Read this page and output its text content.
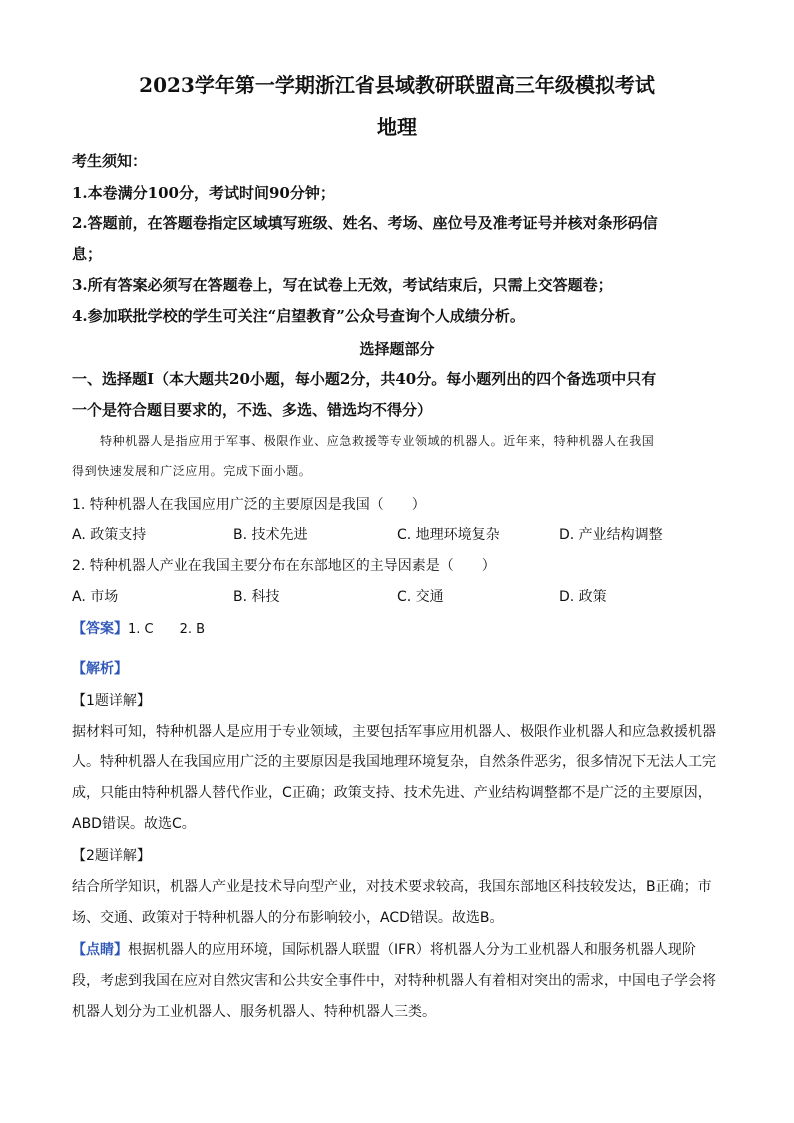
2023学年第一学期浙江省县域教研联盟高三年级模拟考试
地理
考生须知：
1.本卷满分100分，考试时间90分钟；
2.答题前，在答题卷指定区域填写班级、姓名、考场、座位号及准考证号并核对条形码信
息；
3.所有答案必须写在答题卷上，写在试卷上无效，考试结束后，只需上交答题卷；
4.参加联批学校的学生可关注“启望教育”公众号查询个人成绩分析。
选择题部分
一、选择题Ⅰ（本大题共20小题，每小题2分，共40分。每小题列出的四个备选项中只有
一个是符合题目要求的，不选、多选、错选均不得分）
特种机器人是指应用于军事、极限作业、应急救援等专业领域的机器人。近年来，特种机器人在我国
得到快速发展和广泛应用。完成下面小题。
1. 特种机器人在我国应用广泛的主要原因是我国（　　）
A. 政策支持	B. 技术先进	C. 地理环境复杂	D. 产业结构调整
2. 特种机器人产业在我国主要分布在东部地区的主导因素是（　　）
A. 市场	B. 科技	C. 交通	D. 政策
【答案】1. C　　2. B
【解析】
【1题详解】
据材料可知，特种机器人是应用于专业领域，主要包括军事应用机器人、极限作业机器人和应急救援机器
人。特种机器人在我国应用广泛的主要原因是我国地理环境复杂，自然条件恶劣，很多情况下无法人工完
成，只能由特种机器人替代作业，C正确；政策支持、技术先进、产业结构调整都不是广泛的主要原因，
ABD错误。故选C。
【2题详解】
结合所学知识，机器人产业是技术导向型产业，对技术要求较高，我国东部地区科技较发达，B正确；市
场、交通、政策对于特种机器人的分布影响较小，ACD错误。故选B。
【点睛】根据机器人的应用环境，国际机器人联盟（IFR）将机器人分为工业机器人和服务机器人现阶
段，考虑到我国在应对自然灾害和公共安全事件中，对特种机器人有着相对突出的需求，中国电子学会将
机器人划分为工业机器人、服务机器人、特种机器人三类。
